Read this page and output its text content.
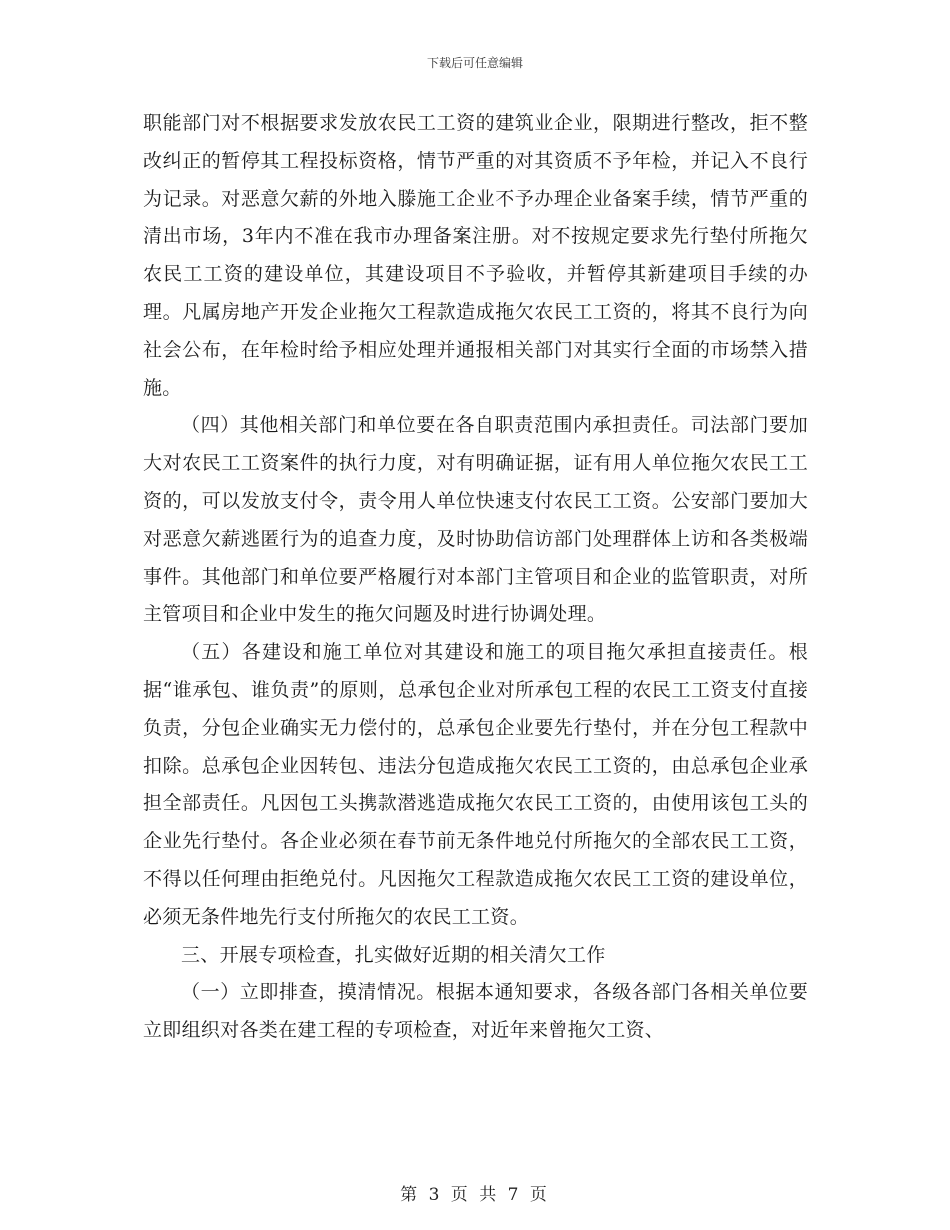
下载后可任意编辑

职能部门对不根据要求发放农民工工资的建筑业企业，限期进行整改，拒不整改纠正的暂停其工程投标资格，情节严重的对其资质不予年检，并记入不良行为记录。对恶意欠薪的外地入滕施工企业不予办理企业备案手续，情节严重的清出市场，3年内不准在我市办理备案注册。对不按规定要求先行垫付所拖欠农民工工资的建设单位，其建设项目不予验收，并暂停其新建项目手续的办理。凡属房地产开发企业拖欠工程款造成拖欠农民工工资的，将其不良行为向社会公布，在年检时给予相应处理并通报相关部门对其实行全面的市场禁入措施。

（四）其他相关部门和单位要在各自职责范围内承担责任。司法部门要加大对农民工工资案件的执行力度，对有明确证据，证有用人单位拖欠农民工工资的，可以发放支付令，责令用人单位快速支付农民工工资。公安部门要加大对恶意欠薪逃匿行为的追查力度，及时协助信访部门处理群体上访和各类极端事件。其他部门和单位要严格履行对本部门主管项目和企业的监管职责，对所主管项目和企业中发生的拖欠问题及时进行协调处理。

（五）各建设和施工单位对其建设和施工的项目拖欠承担直接责任。根据“谁承包、谁负责”的原则，总承包企业对所承包工程的农民工工资支付直接负责，分包企业确实无力偿付的，总承包企业要先行垫付，并在分包工程款中扣除。总承包企业因转包、违法分包造成拖欠农民工工资的，由总承包企业承担全部责任。凡因包工头携款潜逃造成拖欠农民工工资的，由使用该包工头的企业先行垫付。各企业必须在春节前无条件地兑付所拖欠的全部农民工工资，不得以任何理由拒绝兑付。凡因拖欠工程款造成拖欠农民工工资的建设单位，必须无条件地先行支付所拖欠的农民工工资。

三、开展专项检查，扎实做好近期的相关清欠工作

（一）立即排查，摸清情况。根据本通知要求，各级各部门各相关单位要立即组织对各类在建工程的专项检查，对近年来曾拖欠工资、

第 3 页 共 7 页
